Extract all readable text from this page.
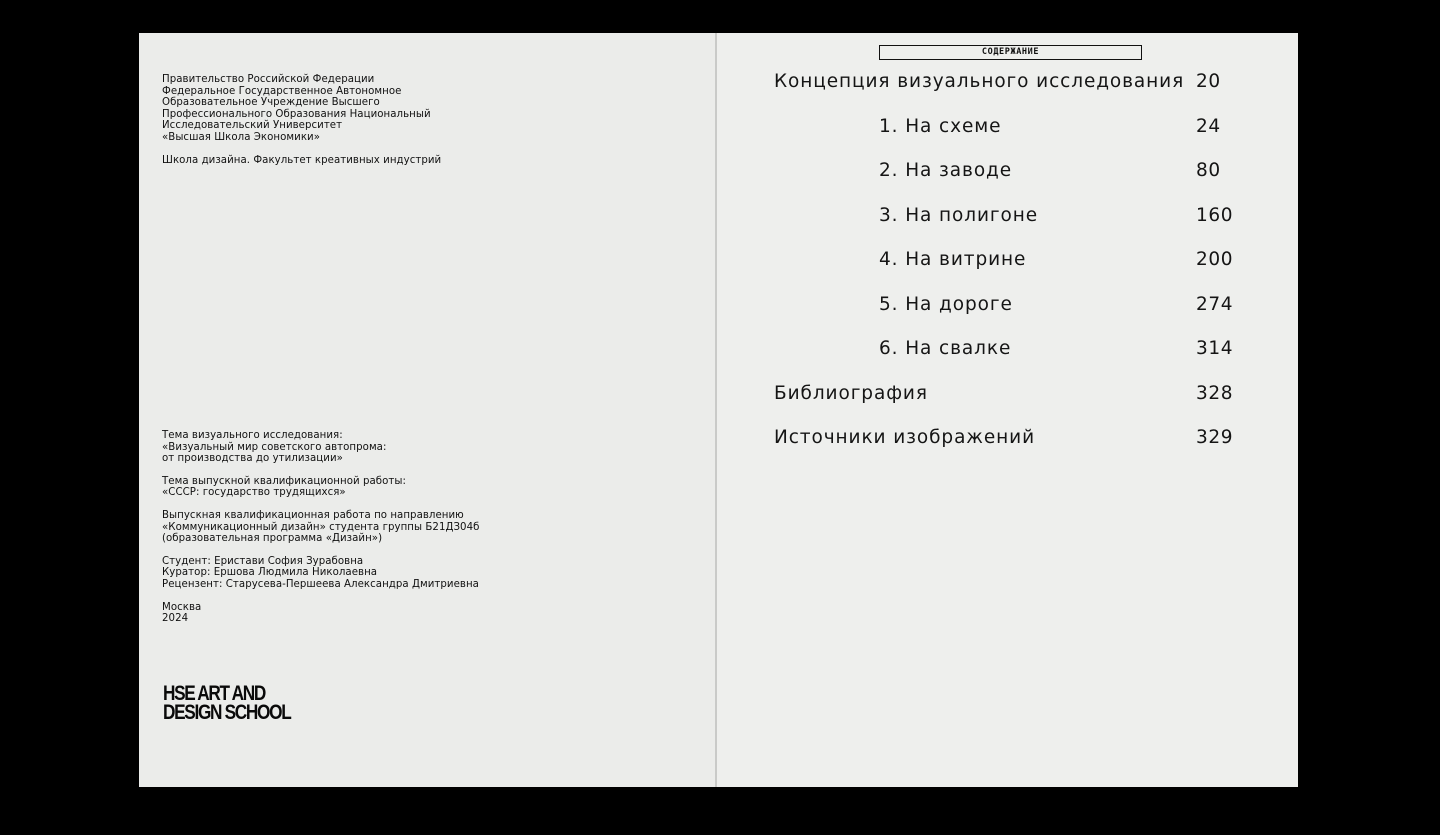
Правительство Российской Федерации
Федеральное Государственное Автономное
Образовательное Учреждение Высшего
Профессионального Образования Национальный
Исследовательский Университет
«Высшая Школа Экономики»
Школа дизайна. Факультет креативных индустрий
Тема визуального исследования:
«Визуальный мир советского автопрома:
от производства до утилизации»
Тема выпускной квалификационной работы:
«СССР: государство трудящихся»
Выпускная квалификационная работа по направлению
«Коммуникационный дизайн» студента группы Б21ДЗ04б
(образовательная программа «Дизайн»)
Студент: Еристави София Зурабовна
Куратор: Ершова Людмила Николаевна
Рецензент: Старусева-Першеева Александра Дмитриевна
Москва
2024
HSE ART AND
DESIGN SCHOOL
СОДЕРЖАНИЕ
Концепция визуального исследования 20
1. На схеме	24
2. На заводе	80
3. На полигоне	160
4. На витрине	200
5. На дороге	274
6. На свалке	314
Библиография	328
Источники изображений	329
